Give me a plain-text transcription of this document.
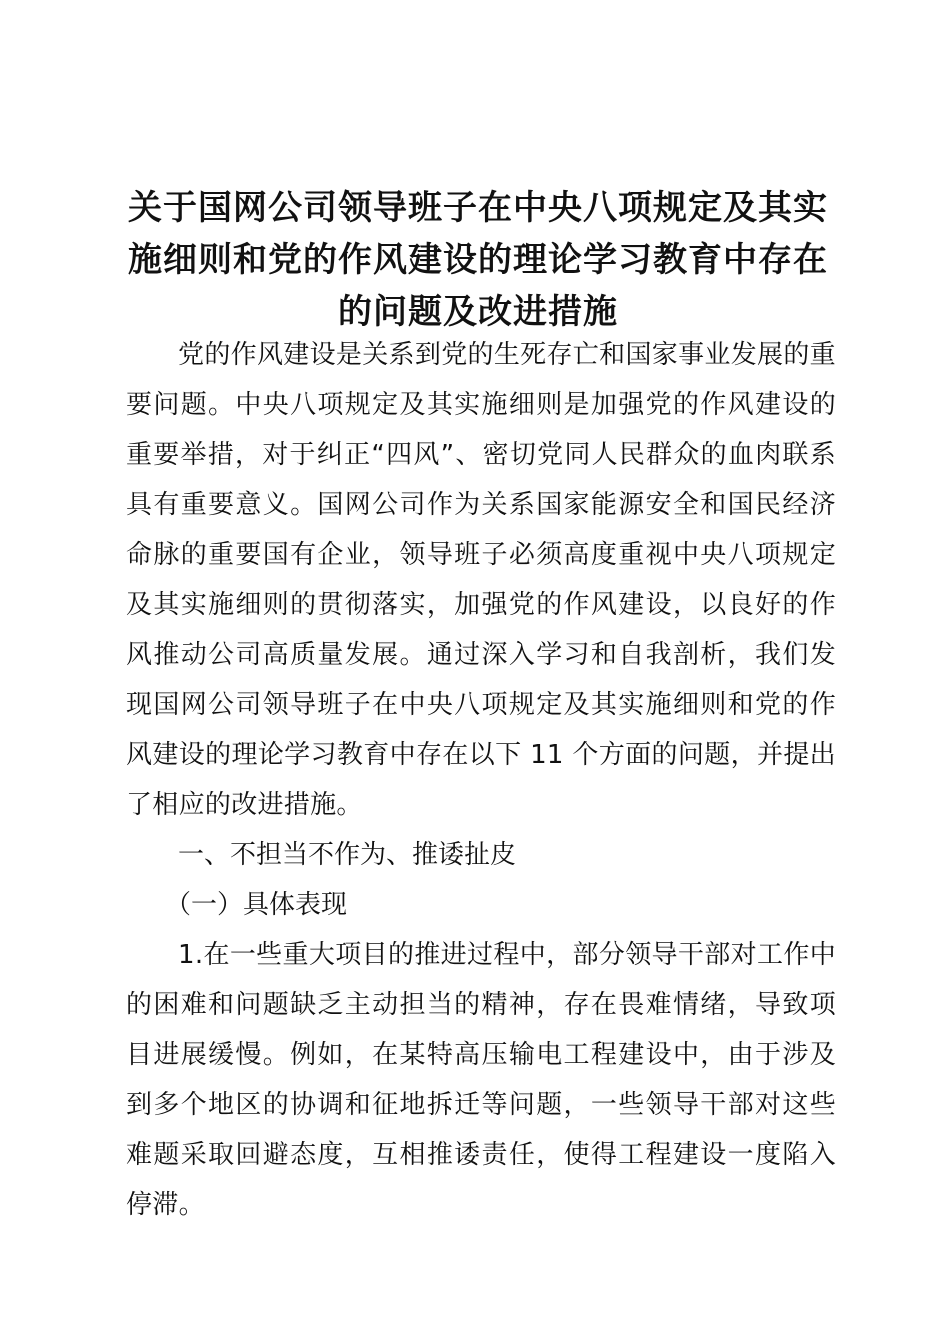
关于国网公司领导班子在中央八项规定及其实
施细则和党的作风建设的理论学习教育中存在
的问题及改进措施

党的作风建设是关系到党的生死存亡和国家事业发展的重要问题。中央八项规定及其实施细则是加强党的作风建设的重要举措，对于纠正“四风”、密切党同人民群众的血肉联系具有重要意义。国网公司作为关系国家能源安全和国民经济命脉的重要国有企业，领导班子必须高度重视中央八项规定及其实施细则的贯彻落实，加强党的作风建设，以良好的作风推动公司高质量发展。通过深入学习和自我剖析，我们发现国网公司领导班子在中央八项规定及其实施细则和党的作风建设的理论学习教育中存在以下 11 个方面的问题，并提出了相应的改进措施。

一、不担当不作为、推诿扯皮

（一）具体表现

1.在一些重大项目的推进过程中，部分领导干部对工作中的困难和问题缺乏主动担当的精神，存在畏难情绪，导致项目进展缓慢。例如，在某特高压输电工程建设中，由于涉及到多个地区的协调和征地拆迁等问题，一些领导干部对这些难题采取回避态度，互相推诿责任，使得工程建设一度陷入停滞。
